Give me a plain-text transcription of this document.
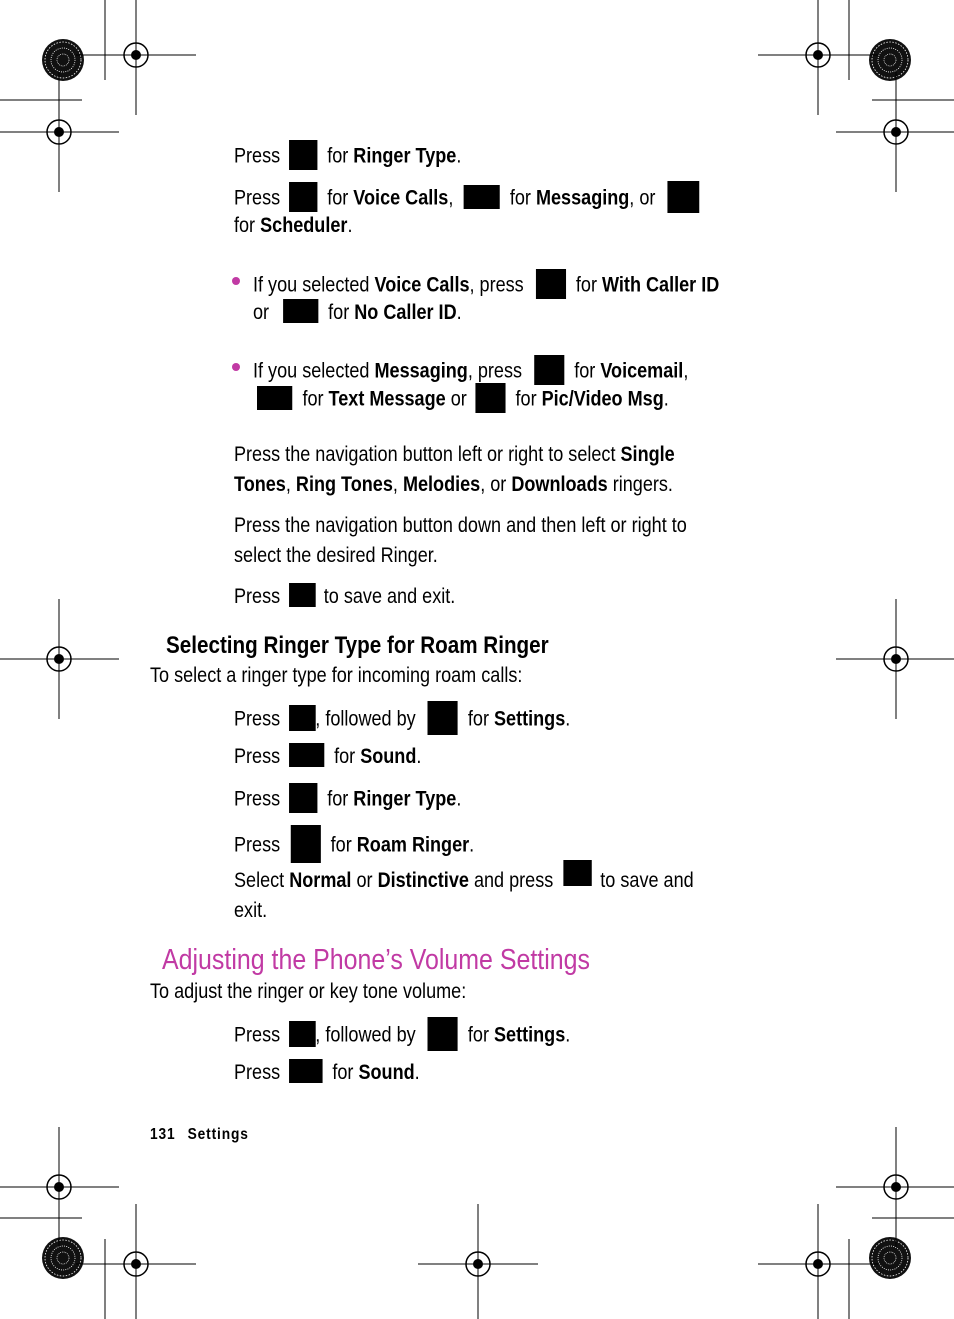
Press for Ringer Type.
Press for Voice Calls,	for Messaging, or
for Scheduler.
If you selected Voice Calls, press for With Caller ID
or	for No Caller ID.
If you selected Messaging, press for Voicemail,
for Text Message or for Pic/Video Msg.
Press the navigation button left or right to select Single
Tones, Ring Tones, Melodies, or Downloads ringers.
Press the navigation button down and then left or right to
select the desired Ringer.
Press to save and exit.
Selecting Ringer Type for Roam Ringer
To select a ringer type for incoming roam calls:
Press , followed by for Settings.
Press	for Sound.
Press for Ringer Type.
Press for Roam Ringer.
Select Normal or Distinctive and press to save and
exit.
Adjusting the Phone’s Volume Settings
To adjust the ringer or key tone volume:
Press , followed by for Settings.
Press for Sound.
131 Settings
